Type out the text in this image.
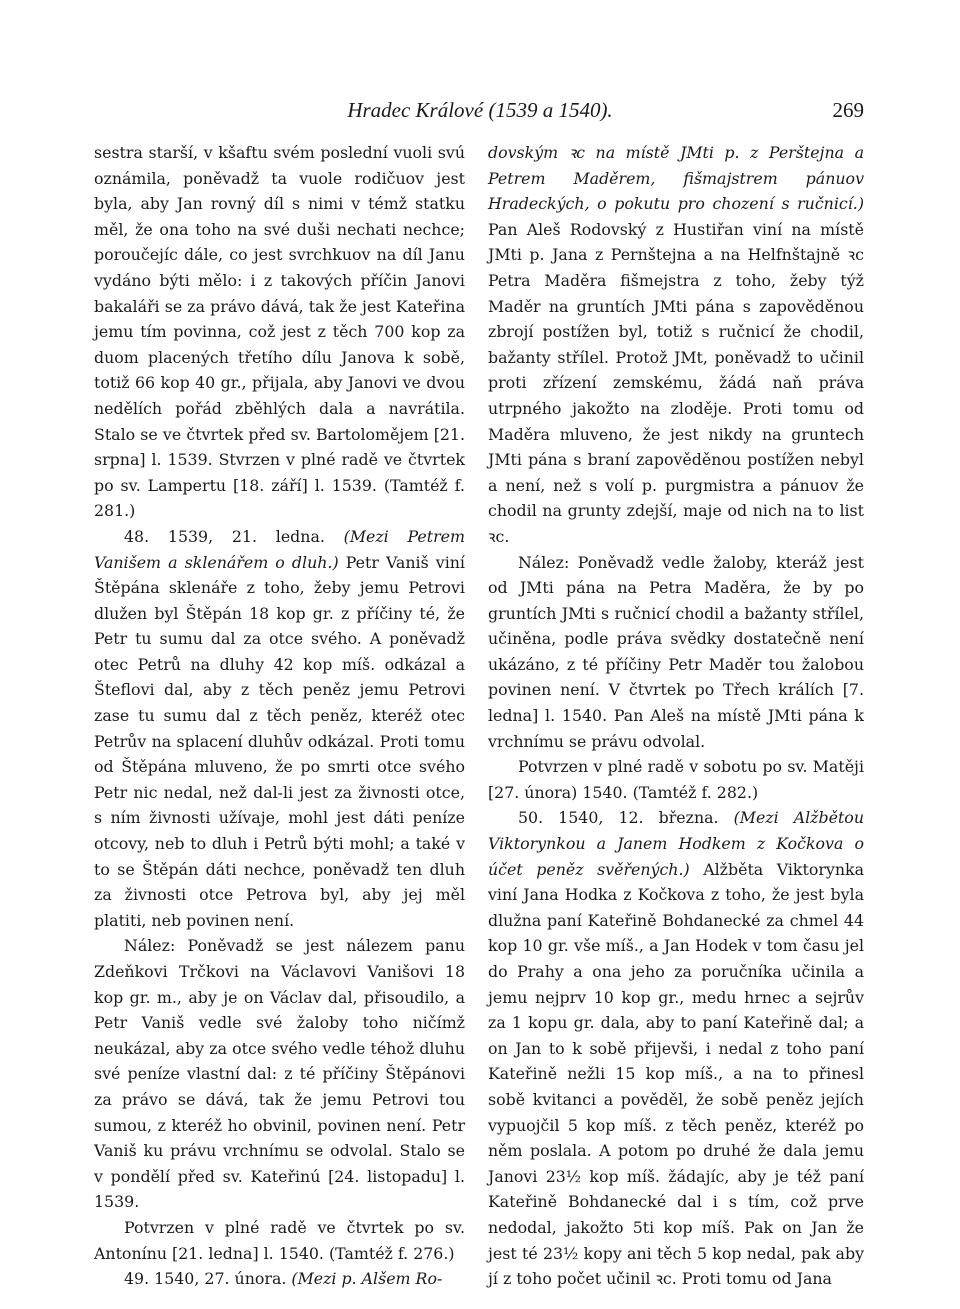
Hradec Králové (1539 a 1540).	269

sestra starší, v kšaftu svém poslední vuoli svú oznámila, poněvadž ta vuole rodičuov jest byla, aby Jan rovný díl s nimi v témž statku měl, že ona toho na své duši nechati nechce; poroučejíc dále, co jest svrchkuov na díl Janu vydáno býti mělo: i z takových příčin Janovi bakaláři se za právo dává, tak že jest Kateřina jemu tím povinna, což jest z těch 700 kop za duom placených třetího dílu Janova k sobě, totiž 66 kop 40 gr., přijala, aby Janovi ve dvou nedělích pořád zběhlých dala a navrátila. Stalo se ve čtvrtek před sv. Bartolomějem [21. srpna] l. 1539. Stvrzen v plné radě ve čtvrtek po sv. Lampertu [18. září] l. 1539. (Tamtéž f. 281.)

48. 1539, 21. ledna. (Mezi Petrem Vanišem a sklenářem o dluh.) Petr Vaniš viní Štěpána sklenáře z toho, žeby jemu Petrovi dlužen byl Štěpán 18 kop gr. z příčiny té, že Petr tu sumu dal za otce svého. A poněvadž otec Petrů na dluhy 42 kop míš. odkázal a Šteflovi dal, aby z těch peněz jemu Petrovi zase tu sumu dal z těch peněz, kteréž otec Petrův na splacení dluhův odkázal. Proti tomu od Štěpána mluveno, že po smrti otce svého Petr nic nedal, než dal-li jest za živnosti otce, s ním živnosti užívaje, mohl jest dáti peníze otcovy, neb to dluh i Petrů býti mohl; a také v to se Štěpán dáti nechce, poněvadž ten dluh za živnosti otce Petrova byl, aby jej měl platiti, neb povinen není.

Nález: Poněvadž se jest nálezem panu Zdeňkovi Trčkovi na Václavovi Vanišovi 18 kop gr. m., aby je on Václav dal, přisoudilo, a Petr Vaniš vedle své žaloby toho ničímž neukázal, aby za otce svého vedle téhož dluhu své peníze vlastní dal: z té příčiny Štěpánovi za právo se dává, tak že jemu Petrovi tou sumou, z kteréž ho obvinil, povinen není. Petr Vaniš ku právu vrchnímu se odvolal. Stalo se v pondělí před sv. Kateřinú [24. listopadu] l. 1539.

Potvrzen v plné radě ve čtvrtek po sv. Antonínu [21. ledna] l. 1540. (Tamtéž f. 276.)

49. 1540, 27. února. (Mezi p. Alšem Ro-

dovským ꝛc na místě JMti p. z Perštejna a Petrem Maděrem, fišmajstrem pánuov Hradeckých, o pokutu pro chození s ručnicí.) Pan Aleš Rodovský z Hustiřan viní na místě JMti p. Jana z Pernštejna a na Helfnštajně ꝛc Petra Maděra fišmejstra z toho, žeby týž Maděr na gruntích JMti pána s zapověděnou zbrojí postížen byl, totiž s ručnicí že chodil, bažanty střílel. Protož JMt, poněvadž to učinil proti zřízení zemskému, žádá naň práva utrpného jakožto na zloděje. Proti tomu od Maděra mluveno, že jest nikdy na gruntech JMti pána s braní zapověděnou postížen nebyl a není, než s volí p. purgmistra a pánuov že chodil na grunty zdejší, maje od nich na to list ꝛc.

Nález: Poněvadž vedle žaloby, kteráž jest od JMti pána na Petra Maděra, že by po gruntích JMti s ručnicí chodil a bažanty střílel, učiněna, podle práva svědky dostatečně není ukázáno, z té příčiny Petr Maděr tou žalobou povinen není. V čtvrtek po Třech králích [7. ledna] l. 1540. Pan Aleš na místě JMti pána k vrchnímu se právu odvolal.

Potvrzen v plné radě v sobotu po sv. Matěji [27. února) 1540. (Tamtéž f. 282.)

50. 1540, 12. března. (Mezi Alžbětou Viktorynkou a Janem Hodkem z Kočkova o účet peněz svěřených.) Alžběta Viktorynka viní Jana Hodka z Kočkova z toho, že jest byla dlužna paní Kateřině Bohdanecké za chmel 44 kop 10 gr. vše míš., a Jan Hodek v tom času jel do Prahy a ona jeho za poručníka učinila a jemu nejprv 10 kop gr., medu hrnec a sejrův za 1 kopu gr. dala, aby to paní Kateřině dal; a on Jan to k sobě přijevši, i nedal z toho paní Kateřině nežli 15 kop míš., a na to přinesl sobě kvitanci a pověděl, že sobě peněz jejích vypuojčil 5 kop míš. z těch peněz, kteréž po něm poslala. A potom po druhé že dala jemu Janovi 23½ kop míš. žádajíc, aby je též paní Kateřině Bohdanecké dal i s tím, což prve nedodal, jakožto 5ti kop míš. Pak on Jan že jest té 23½ kopy ani těch 5 kop nedal, pak aby jí z toho počet učinil ꝛc. Proti tomu od Jana
